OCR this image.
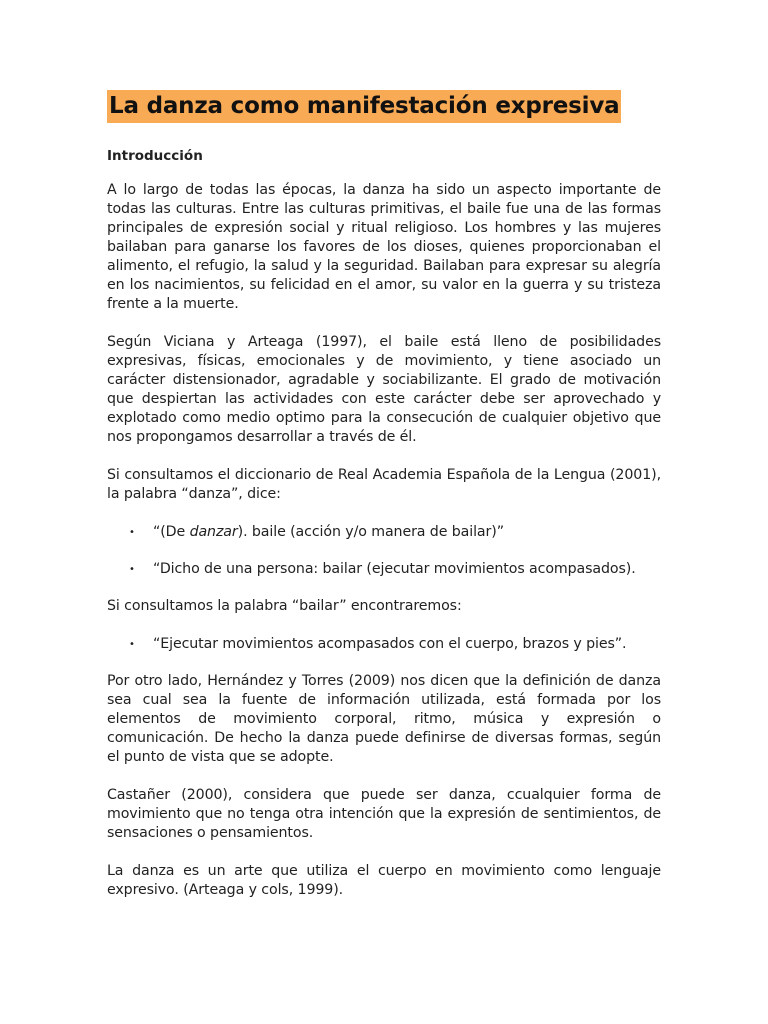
La danza como manifestación expresiva
Introducción

A lo largo de todas las épocas, la danza ha sido un aspecto importante de todas las culturas. Entre las culturas primitivas, el baile fue una de las formas principales de expresión social y ritual religioso. Los hombres y las mujeres bailaban para ganarse los favores de los dioses, quienes proporcionaban el alimento, el refugio, la salud y la seguridad. Bailaban para expresar su alegría en los nacimientos, su felicidad en el amor, su valor en la guerra y su tristeza frente a la muerte.

Según Viciana y Arteaga (1997), el baile está lleno de posibilidades expresivas, físicas, emocionales y de movimiento, y tiene asociado un carácter distensionador, agradable y sociabilizante. El grado de motivación que despiertan las actividades con este carácter debe ser aprovechado y explotado como medio optimo para la consecución de cualquier objetivo que nos propongamos desarrollar a través de él.

Si consultamos el diccionario de Real Academia Española de la Lengua (2001), la palabra “danza”, dice:

• “(De danzar). baile (acción y/o manera de bailar)”
• “Dicho de una persona: bailar (ejecutar movimientos acompasados).

Si consultamos la palabra “bailar” encontraremos:

• “Ejecutar movimientos acompasados con el cuerpo, brazos y pies”.

Por otro lado, Hernández y Torres (2009) nos dicen que la definición de danza sea cual sea la fuente de información utilizada, está formada por los elementos de movimiento corporal, ritmo, música y expresión o comunicación. De hecho la danza puede definirse de diversas formas, según el punto de vista que se adopte.

Castañer (2000), considera que puede ser danza, ccualquier forma de movimiento que no tenga otra intención que la expresión de sentimientos, de sensaciones o pensamientos.

La danza es un arte que utiliza el cuerpo en movimiento como lenguaje expresivo. (Arteaga y cols, 1999).
